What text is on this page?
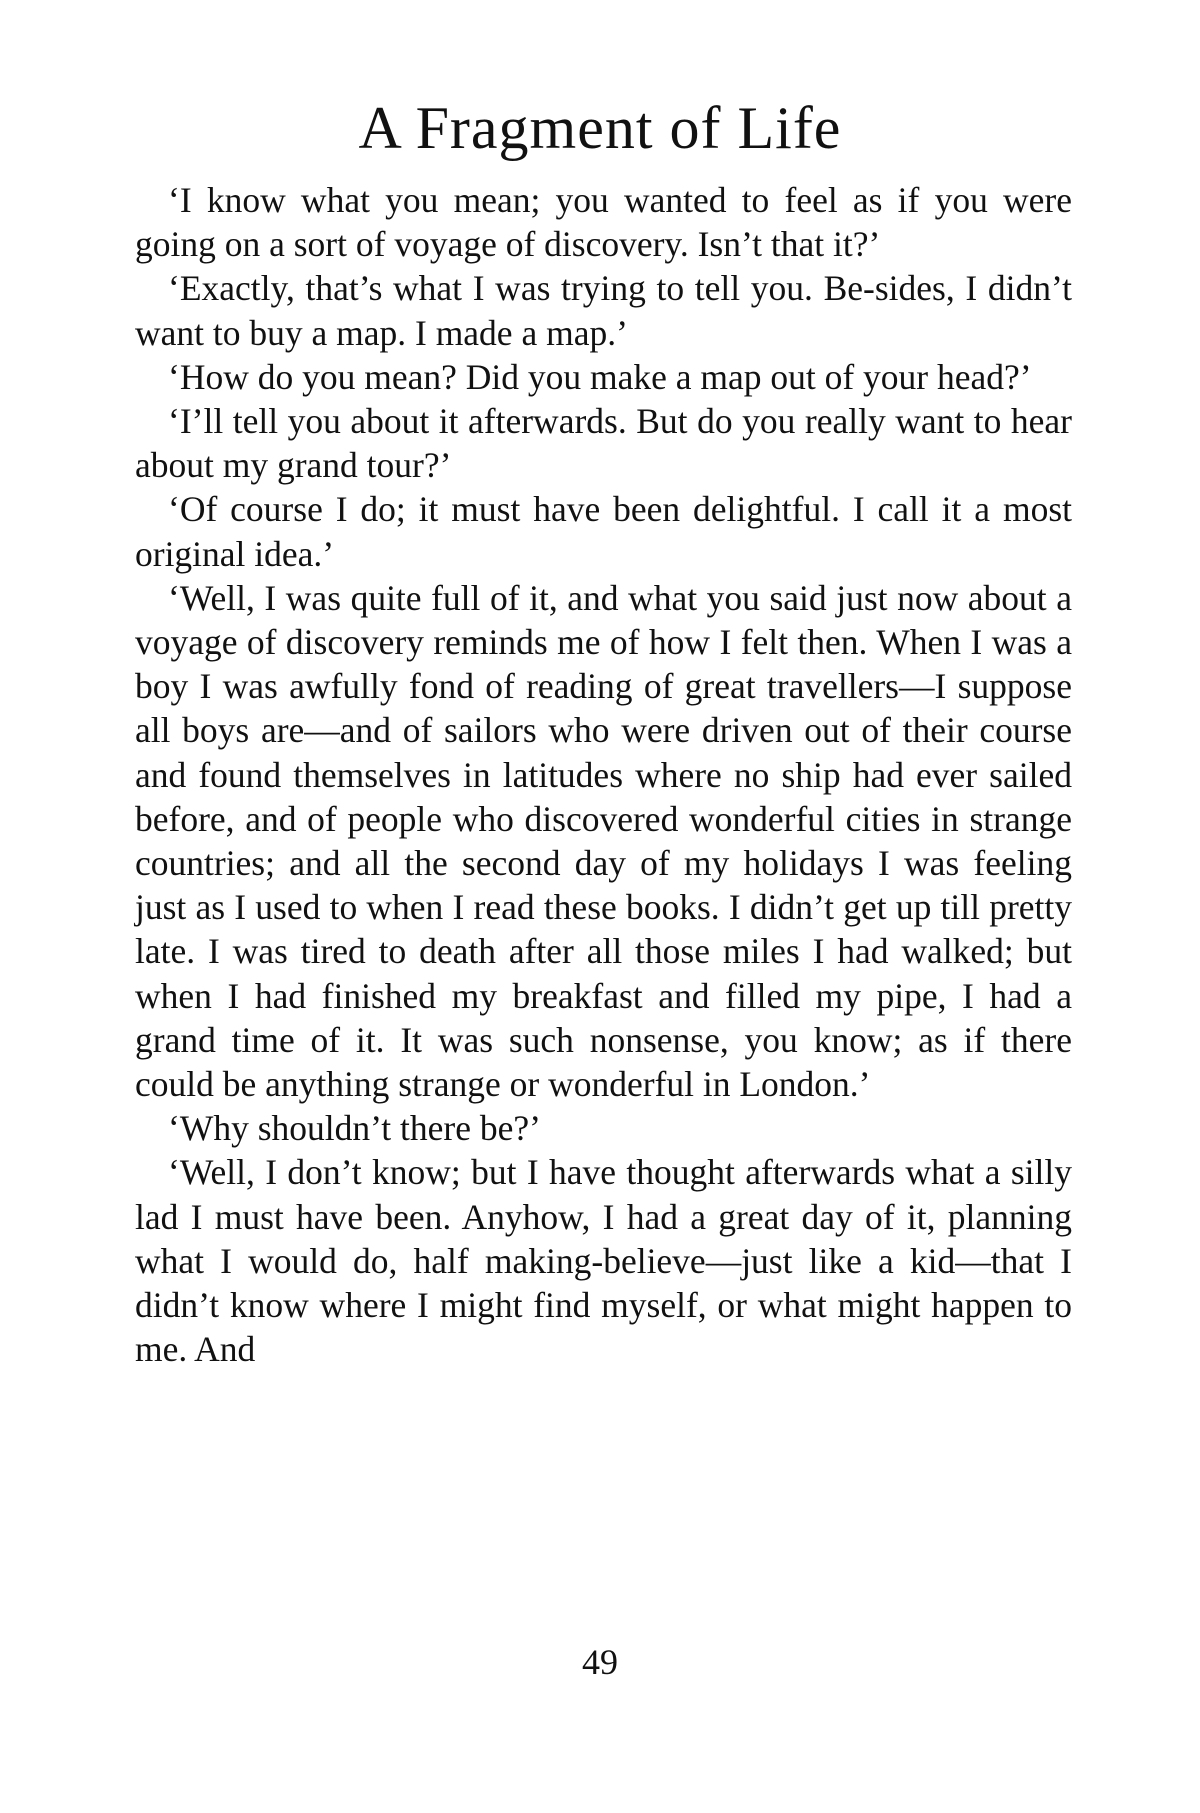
A Fragment of Life

‘I know what you mean; you wanted to feel as if you were going on a sort of voyage of discovery. Isn’t that it?’

‘Exactly, that’s what I was trying to tell you. Be-sides, I didn’t want to buy a map. I made a map.’

‘How do you mean? Did you make a map out of your head?’

‘I’ll tell you about it afterwards. But do you really want to hear about my grand tour?’

‘Of course I do; it must have been delightful. I call it a most original idea.’

‘Well, I was quite full of it, and what you said just now about a voyage of discovery reminds me of how I felt then. When I was a boy I was awfully fond of reading of great travellers—I suppose all boys are—and of sailors who were driven out of their course and found themselves in latitudes where no ship had ever sailed before, and of people who discovered wonderful cities in strange countries; and all the second day of my holidays I was feeling just as I used to when I read these books. I didn’t get up till pretty late. I was tired to death after all those miles I had walked; but when I had finished my breakfast and filled my pipe, I had a grand time of it. It was such nonsense, you know; as if there could be anything strange or wonderful in London.’

‘Why shouldn’t there be?’

‘Well, I don’t know; but I have thought afterwards what a silly lad I must have been. Anyhow, I had a great day of it, planning what I would do, half making-believe—just like a kid—that I didn’t know where I might find myself, or what might happen to me. And

49
